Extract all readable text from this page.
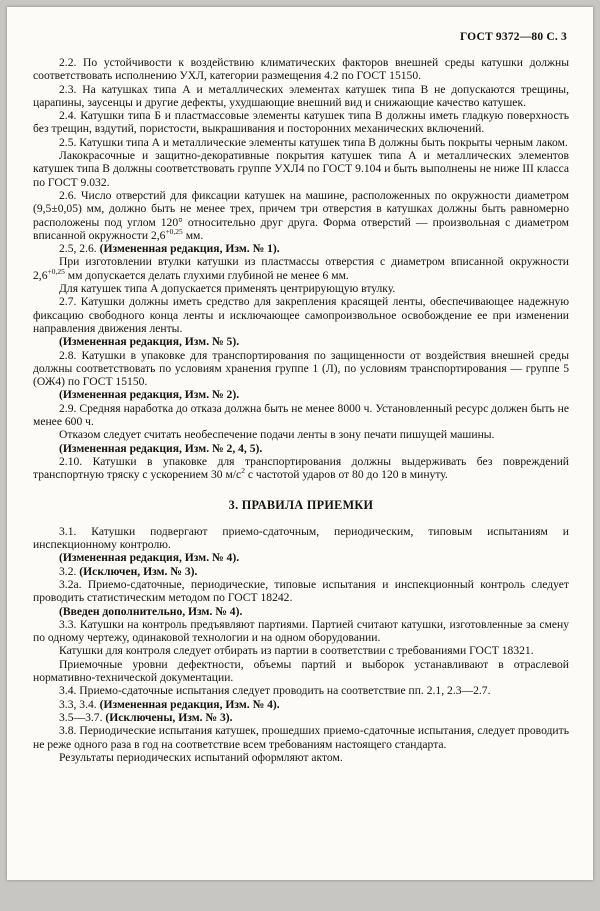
ГОСТ 9372—80 С. 3

2.2. По устойчивости к воздействию климатических факторов внешней среды катушки должны соответствовать исполнению УХЛ, категории размещения 4.2 по ГОСТ 15150.

2.3. На катушках типа А и металлических элементах катушек типа В не допускаются трещины, царапины, заусенцы и другие дефекты, ухудшающие внешний вид и снижающие качество катушек.

2.4. Катушки типа Б и пластмассовые элементы катушек типа В должны иметь гладкую поверхность без трещин, вздутий, пористости, выкрашивания и посторонних механических включений.

2.5. Катушки типа А и металлические элементы катушек типа В должны быть покрыты черным лаком.

Лакокрасочные и защитно-декоративные покрытия катушек типа А и металлических элементов катушек типа В должны соответствовать группе УХЛ4 по ГОСТ 9.104 и быть выполнены не ниже III класса по ГОСТ 9.032.

2.6. Число отверстий для фиксации катушек на машине, расположенных по окружности диаметром (9,5±0,05) мм, должно быть не менее трех, причем три отверстия в катушках должны быть равномерно расположены под углом 120° относительно друг друга. Форма отверстий — произвольная с диаметром вписанной окружности $2,6^{+0,25}$ мм.

2.5, 2.6. (Измененная редакция, Изм. № 1).

При изготовлении втулки катушки из пластмассы отверстия с диаметром вписанной окружности $2,6^{+0,25}$ мм допускается делать глухими глубиной не менее 6 мм.

Для катушек типа А допускается применять центрирующую втулку.

2.7. Катушки должны иметь средство для закрепления красящей ленты, обеспечивающее надежную фиксацию свободного конца ленты и исключающее самопроизвольное освобождение ее при изменении направления движения ленты.

(Измененная редакция, Изм. № 5).

2.8. Катушки в упаковке для транспортирования по защищенности от воздействия внешней среды должны соответствовать по условиям хранения группе 1 (Л), по условиям транспортирования — группе 5 (ОЖ4) по ГОСТ 15150.

(Измененная редакция, Изм. № 2).

2.9. Средняя наработка до отказа должна быть не менее 8000 ч. Установленный ресурс должен быть не менее 600 ч.

Отказом следует считать необеспечение подачи ленты в зону печати пишущей машины.

(Измененная редакция, Изм. № 2, 4, 5).

2.10. Катушки в упаковке для транспортирования должны выдерживать без повреждений транспортную тряску с ускорением 30 $м/с^2$ с частотой ударов от 80 до 120 в минуту.

3. ПРАВИЛА ПРИЕМКИ

3.1. Катушки подвергают приемо-сдаточным, периодическим, типовым испытаниям и инспекционному контролю.

(Измененная редакция, Изм. № 4).

3.2. (Исключен, Изм. № 3).

3.2а. Приемо-сдаточные, периодические, типовые испытания и инспекционный контроль следует проводить статистическим методом по ГОСТ 18242.

(Введен дополнительно, Изм. № 4).

3.3. Катушки на контроль предъявляют партиями. Партией считают катушки, изготовленные за смену по одному чертежу, одинаковой технологии и на одном оборудовании.

Катушки для контроля следует отбирать из партии в соответствии с требованиями ГОСТ 18321.

Приемочные уровни дефектности, объемы партий и выборок устанавливают в отраслевой нормативно-технической документации.

3.4. Приемо-сдаточные испытания следует проводить на соответствие пп. 2.1, 2.3—2.7.

3.3, 3.4. (Измененная редакция, Изм. № 4).

3.5—3.7. (Исключены, Изм. № 3).

3.8. Периодические испытания катушек, прошедших приемо-сдаточные испытания, следует проводить не реже одного раза в год на соответствие всем требованиям настоящего стандарта.

Результаты периодических испытаний оформляют актом.
